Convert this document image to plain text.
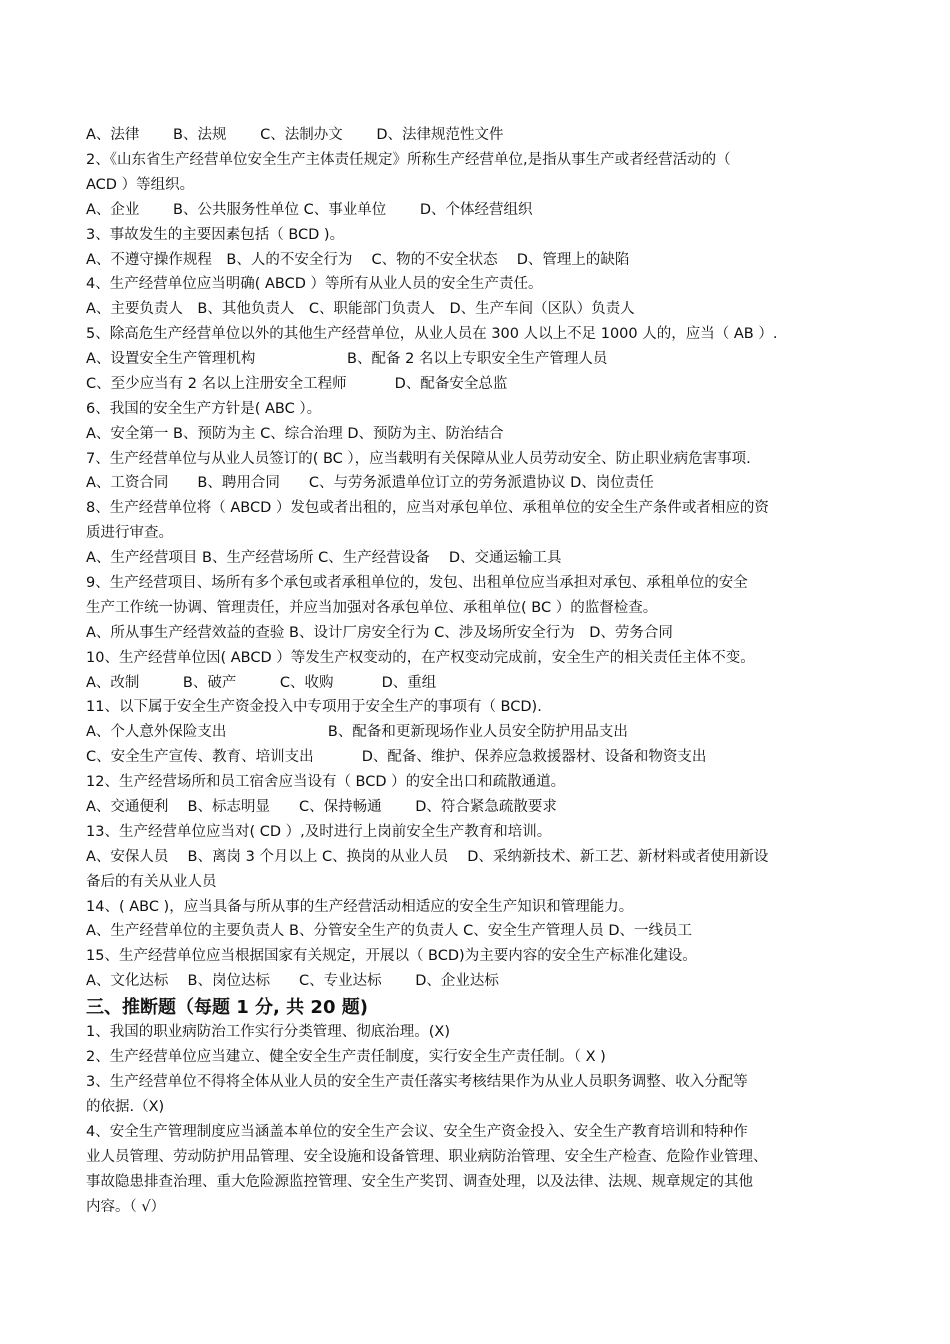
A、法律　　 B、法规　　 C、法制办文　　 D、法律规范性文件
2、《山东省生产经营单位安全生产主体责任规定》所称生产经营单位,是指从事生产或者经营活动的（
ACD ）等组织。
A、企业　　 B、公共服务性单位 C、事业单位　　 D、个体经营组织
3、事故发生的主要因素包括（ BCD )。
A、不遵守操作规程　B、人的不安全行为　 C、物的不安全状态　 D、管理上的缺陷
4、生产经营单位应当明确( ABCD ）等所有从业人员的安全生产责任。
A、主要负责人　B、其他负责人　C、职能部门负责人　D、生产车间（区队）负责人
5、除高危生产经营单位以外的其他生产经营单位，从业人员在 300 人以上不足 1000 人的，应当（ AB ）.
A、设置安全生产管理机构　　　　　　 B、配备 2 名以上专职安全生产管理人员
C、至少应当有 2 名以上注册安全工程师　　　 D、配备安全总监
6、我国的安全生产方针是( ABC ）。
A、安全第一 B、预防为主 C、综合治理 D、预防为主、防治结合
7、生产经营单位与从业人员签订的( BC ），应当载明有关保障从业人员劳动安全、防止职业病危害事项.
A、工资合同　　B、聘用合同　　C、与劳务派遣单位订立的劳务派遣协议 D、岗位责任
8、生产经营单位将（ ABCD ）发包或者出租的，应当对承包单位、承租单位的安全生产条件或者相应的资
质进行审查。
A、生产经营项目 B、生产经营场所 C、生产经营设备　 D、交通运输工具
9、生产经营项目、场所有多个承包或者承租单位的，发包、出租单位应当承担对承包、承租单位的安全
生产工作统一协调、管理责任，并应当加强对各承包单位、承租单位( BC ）的监督检查。
A、所从事生产经营效益的查验 B、设计厂房安全行为 C、涉及场所安全行为　D、劳务合同
10、生产经营单位因( ABCD ）等发生产权变动的，在产权变动完成前，安全生产的相关责任主体不变。
A、改制　　　B、破产　　　C、收购　　　 D、重组
11、以下属于安全生产资金投入中专项用于安全生产的事项有（ BCD).
A、个人意外保险支出　　　　　　　B、配备和更新现场作业人员安全防护用品支出
C、安全生产宣传、教育、培训支出　　　 D、配备、维护、保养应急救援器材、设备和物资支出
12、生产经营场所和员工宿舍应当设有（ BCD ）的安全出口和疏散通道。
A、交通便利　 B、标志明显　　C、保持畅通　　 D、符合紧急疏散要求
13、生产经营单位应当对( CD ）,及时进行上岗前安全生产教育和培训。
A、安保人员　 B、离岗 3 个月以上 C、换岗的从业人员　 D、采纳新技术、新工艺、新材料或者使用新设
备后的有关从业人员
14、( ABC )，应当具备与所从事的生产经营活动相适应的安全生产知识和管理能力。
A、生产经营单位的主要负责人 B、分管安全生产的负责人 C、安全生产管理人员 D、一线员工
15、生产经营单位应当根据国家有关规定，开展以（ BCD)为主要内容的安全生产标准化建设。
A、文化达标　 B、岗位达标　　C、专业达标　　 D、企业达标
三、推断题（每题 1 分, 共 20 题)
1、我国的职业病防治工作实行分类管理、彻底治理。(X)
2、生产经营单位应当建立、健全安全生产责任制度，实行安全生产责任制。（ X )
3、生产经营单位不得将全体从业人员的安全生产责任落实考核结果作为从业人员职务调整、收入分配等
的依据.（X)
4、安全生产管理制度应当涵盖本单位的安全生产会议、安全生产资金投入、安全生产教育培训和特种作
业人员管理、劳动防护用品管理、安全设施和设备管理、职业病防治管理、安全生产检查、危险作业管理、
事故隐患排查治理、重大危险源监控管理、安全生产奖罚、调查处理，以及法律、法规、规章规定的其他
内容。（ √）
